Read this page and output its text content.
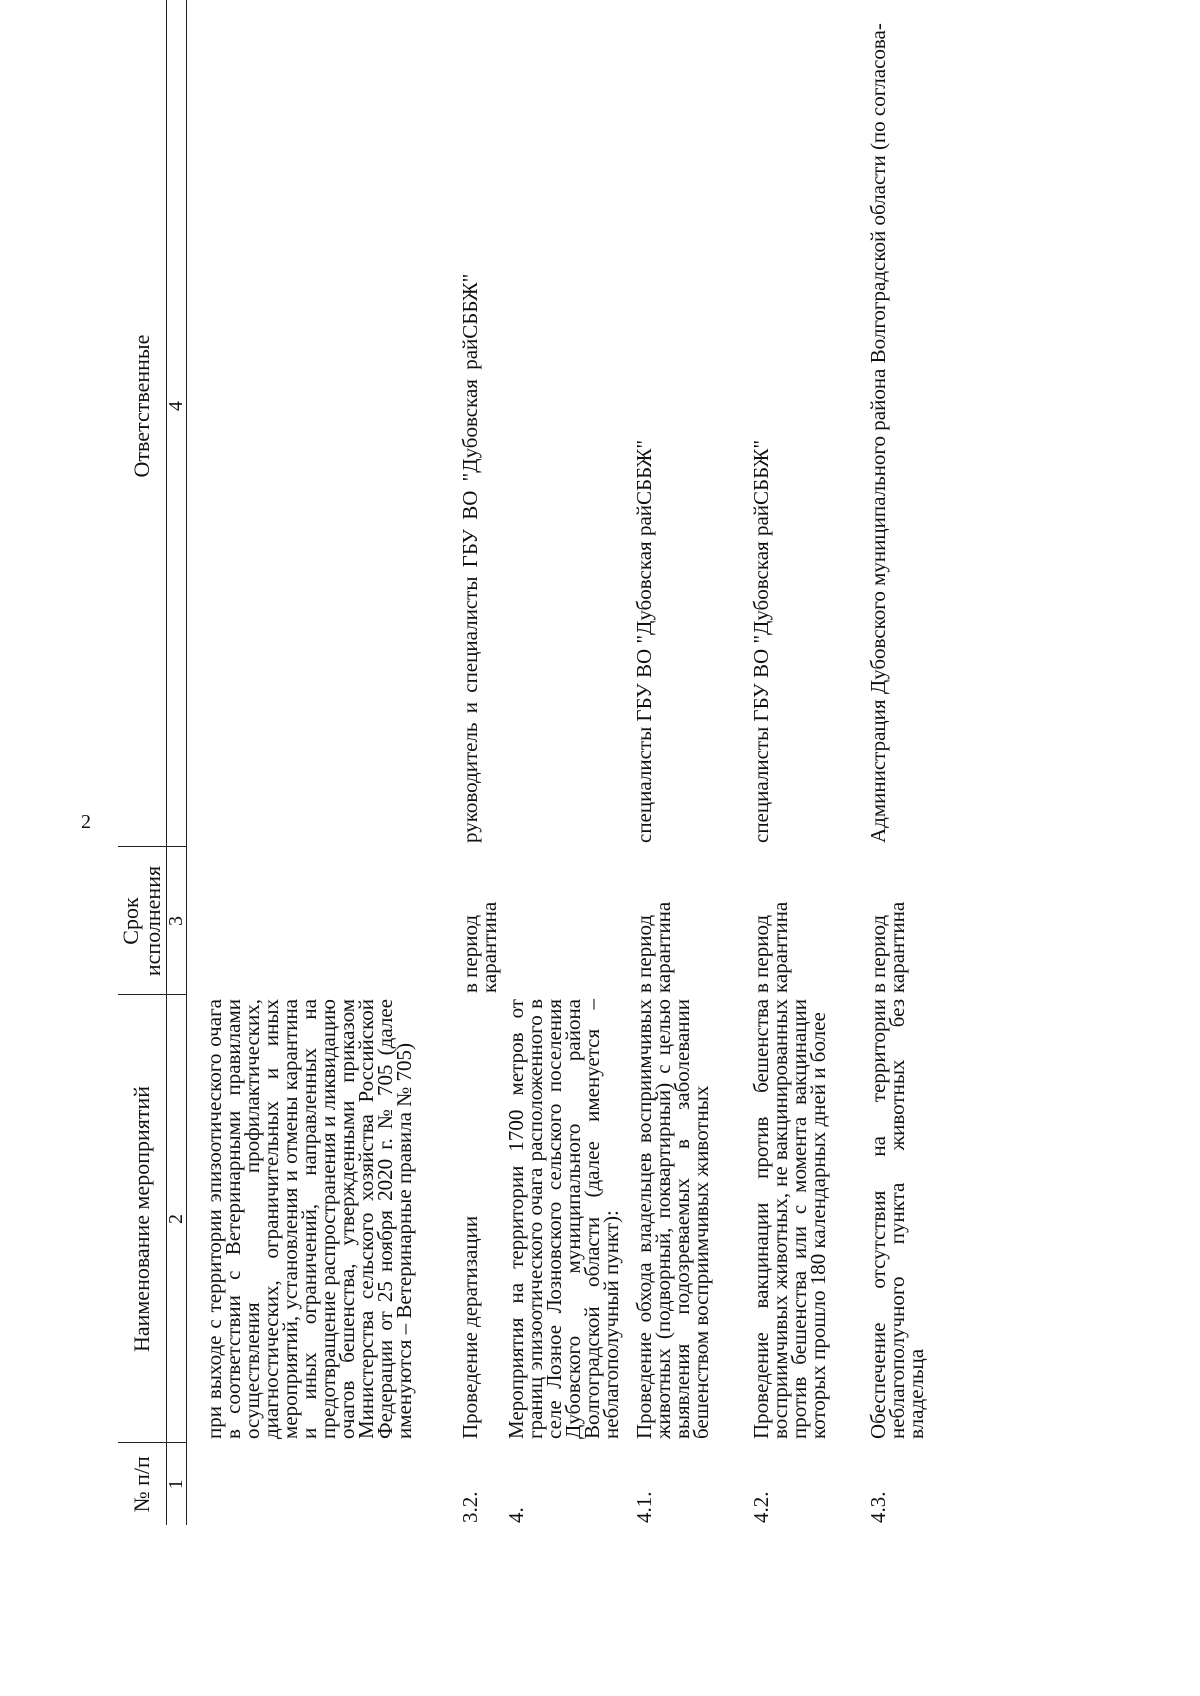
2
№ п/п	Наименование мероприятий	Срок исполнения	Ответственные
1	2	3	4

	при выходе с территории эпизоотического очага в соответствии с Ветеринарными правилами осуществления профилактических, диагностических, ограничительных и иных мероприятий, установления и отмены карантина и иных ограничений, направленных на предотвращение распространения и ликвидацию очагов бешенства, утвержденными приказом Министерства сельского хозяйства Российской Федерации от 25 ноября 2020 г. № 705 (далее именуются – Ветеринарные правила № 705)		
3.2.	Проведение дератизации	в период карантина	руководитель и специалисты ГБУ ВО "Дубовская райСББЖ"
4.	Мероприятия на территории 1700 метров от границ эпизоотического очага расположенного в селе Лозное Лозновского сельского поселения Дубовского муниципального района Волгоградской области (далее именуется – неблагополучный пункт):		
4.1.	Проведение обхода владельцев восприимчивых животных (подворный, поквартирный) с целью выявления подозреваемых в заболевании бешенством восприимчивых животных	в период карантина	специалисты ГБУ ВО "Дубовская райСББЖ"
4.2.	Проведение вакцинации против бешенства восприимчивых животных, не вакцинированных против бешенства или с момента вакцинации которых прошло 180 календарных дней и более	в период карантина	специалисты ГБУ ВО "Дубовская райСББЖ"
4.3.	Обеспечение отсутствия на территории неблагополучного пункта животных без владельца	в период карантина	Администрация Дубовского муниципального района Волгоградской области (по согласова-
